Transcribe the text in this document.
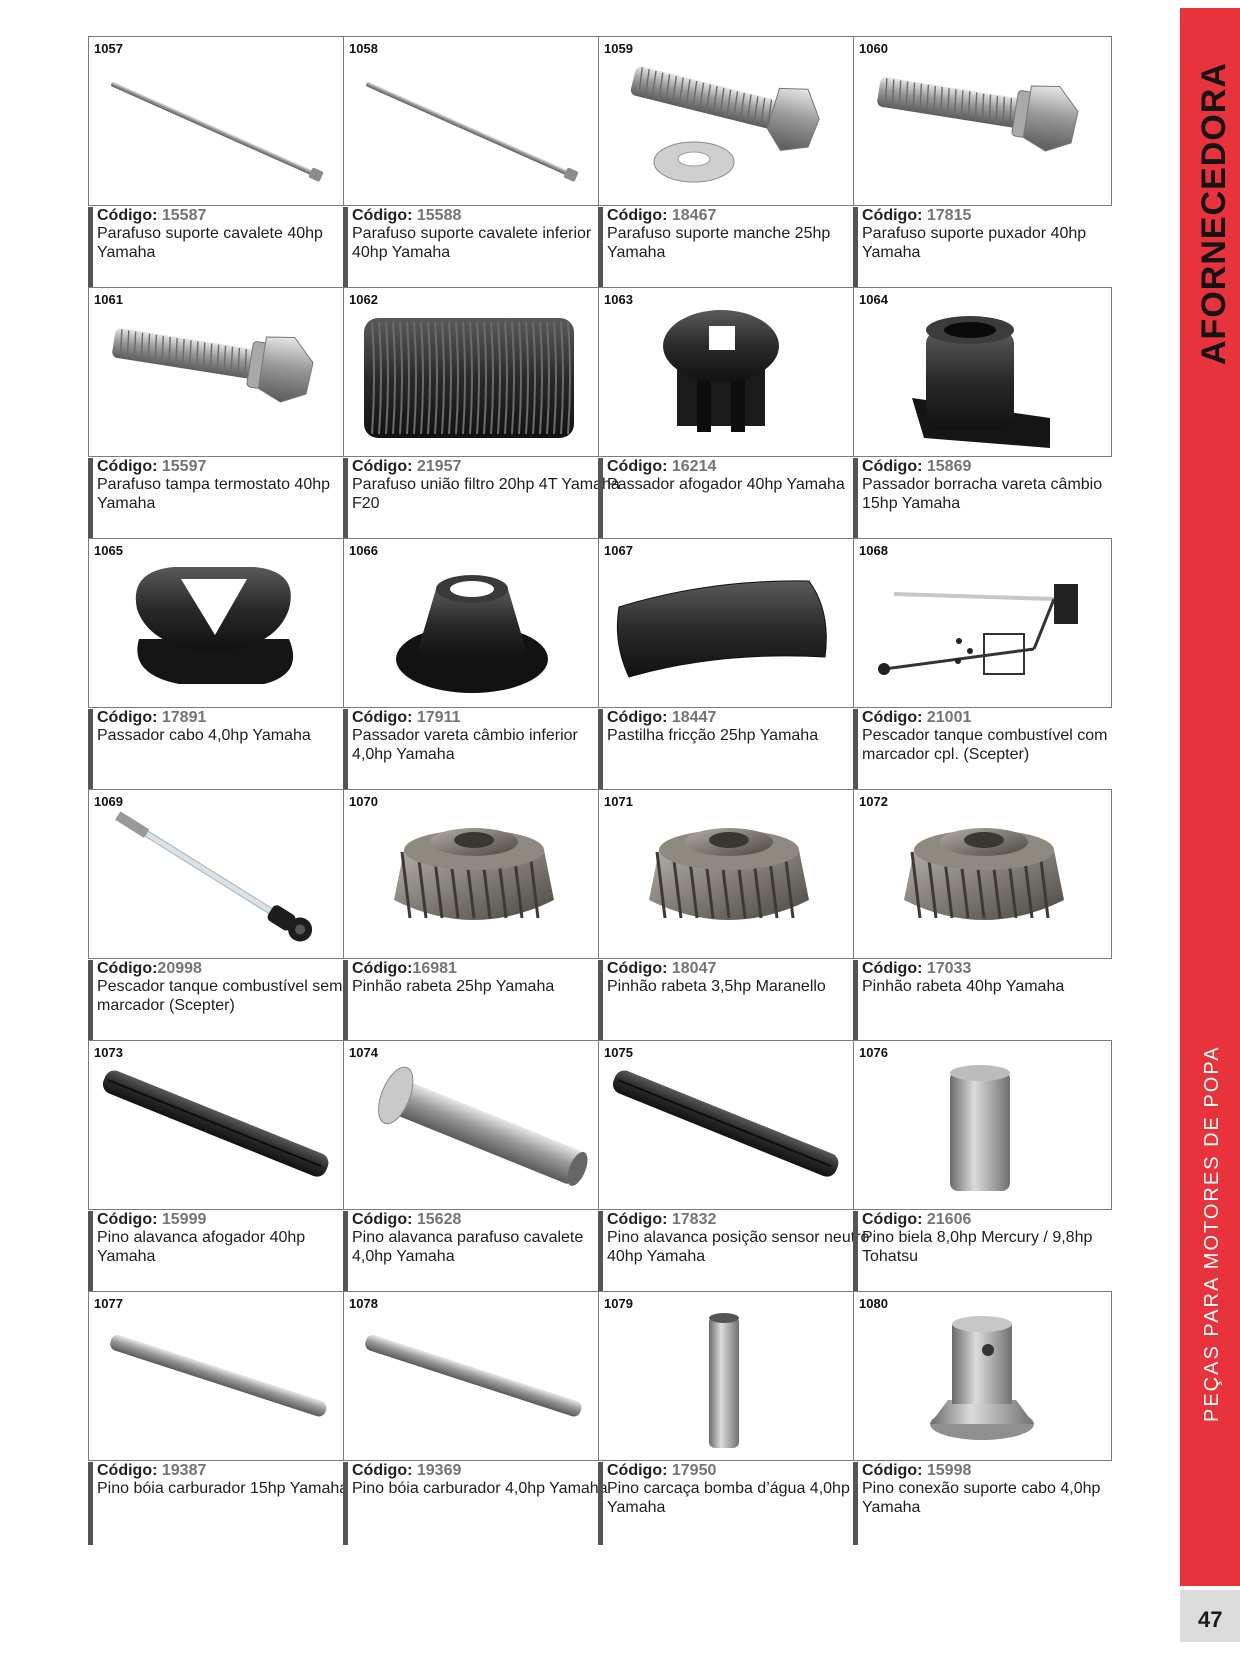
1057
Código: 15587
Parafuso suporte cavalete 40hp Yamaha
1058
Código: 15588
Parafuso suporte cavalete inferior 40hp Yamaha
1059
Código: 18467
Parafuso suporte manche 25hp Yamaha
1060
Código: 17815
Parafuso suporte puxador 40hp Yamaha
1061
Código: 15597
Parafuso tampa termostato 40hp Yamaha
1062
Código: 21957
Parafuso união filtro 20hp 4T Yamaha F20
1063
Código: 16214
Passador afogador 40hp Yamaha
1064
Código: 15869
Passador borracha vareta câmbio 15hp Yamaha
1065
Código: 17891
Passador cabo 4,0hp Yamaha
1066
Código: 17911
Passador vareta câmbio inferior 4,0hp Yamaha
1067
Código: 18447
Pastilha fricção 25hp Yamaha
1068
Código: 21001
Pescador tanque combustível com marcador cpl. (Scepter)
1069
Código:20998
Pescador tanque combustível sem marcador (Scepter)
1070
Código:16981
Pinhão rabeta 25hp Yamaha
1071
Código: 18047
Pinhão rabeta 3,5hp Maranello
1072
Código: 17033
Pinhão rabeta 40hp Yamaha
1073
Código: 15999
Pino alavanca afogador 40hp Yamaha
1074
Código: 15628
Pino alavanca parafuso cavalete 4,0hp Yamaha
1075
Código: 17832
Pino alavanca posição sensor neutro 40hp Yamaha
1076
Código: 21606
Pino biela 8,0hp Mercury / 9,8hp Tohatsu
1077
Código: 19387
Pino bóia carburador 15hp Yamaha
1078
Código: 19369
Pino bóia carburador 4,0hp Yamaha
1079
Código: 17950
Pino carcaça bomba d’água 4,0hp Yamaha
1080
Código: 15998
Pino conexão suporte cabo 4,0hp Yamaha
AFORNECEDORA
PEÇAS PARA MOTORES DE POPA
47
